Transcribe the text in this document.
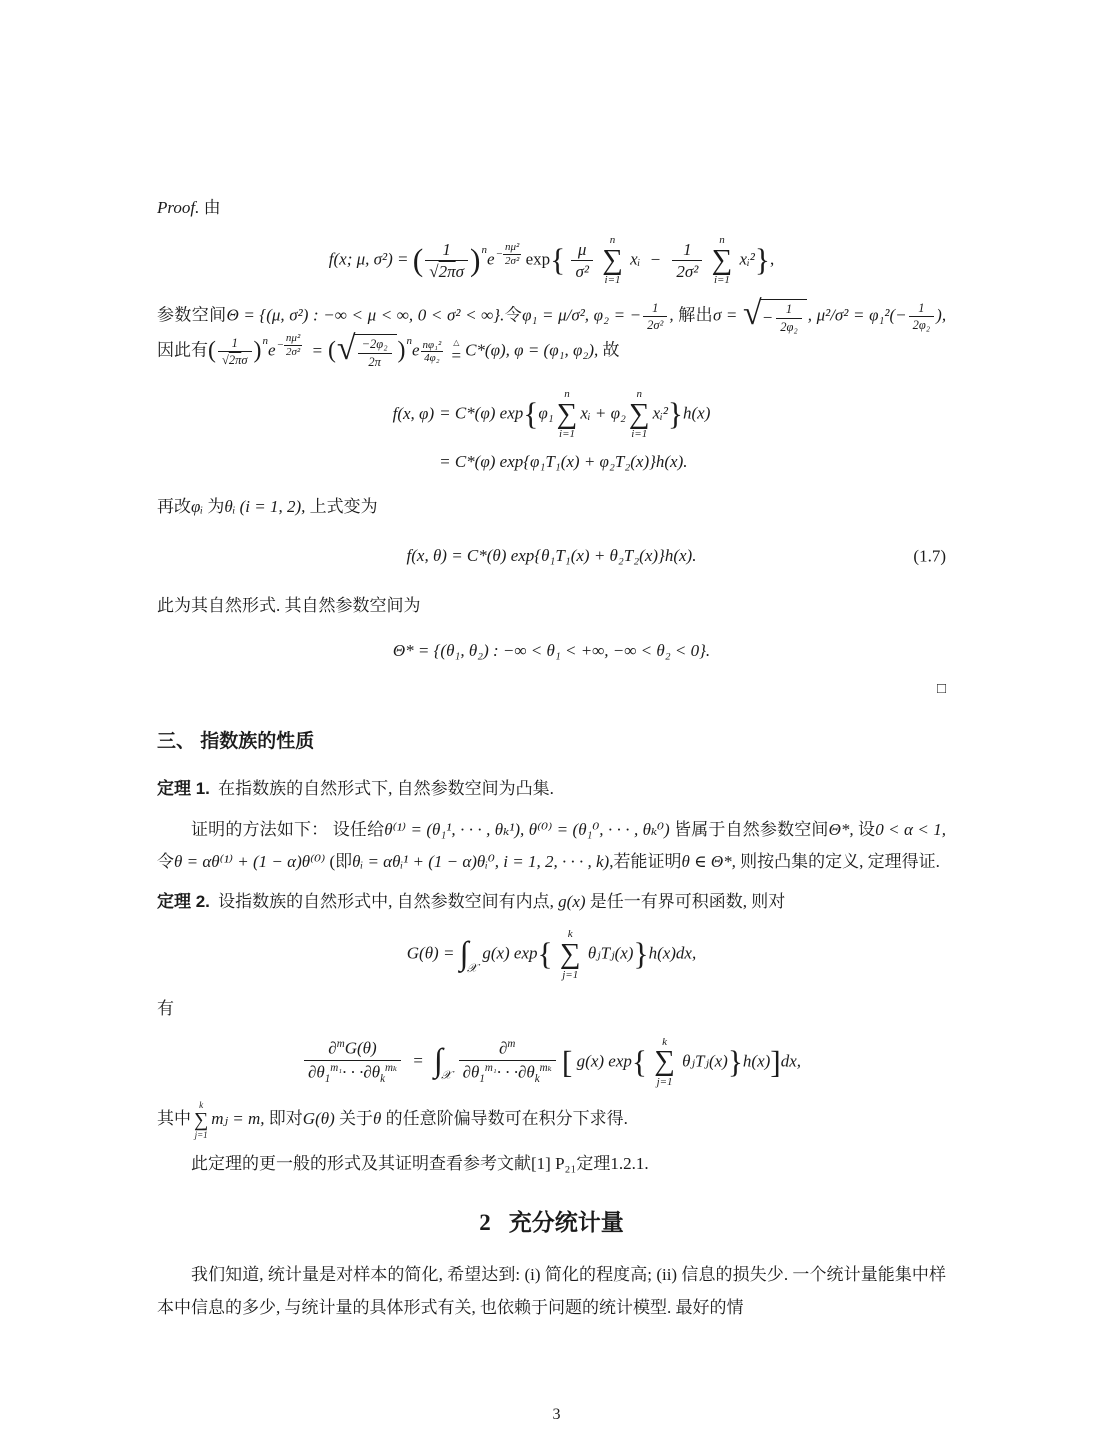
Proof. 由

f(x; μ, σ²) = ( $\frac{1}{√2\pi\sigma} )ne - \frac{\text{nμ²}}{\text{2σ²}} \exp\{ \frac{\mu}{\text{σ²}}$
n
∑
i=1
xᵢ − $\frac{1}{\text{2σ²}}$
n
∑
i=1
xᵢ²},

参数空间Θ = {(μ, σ²) : −∞ < μ < ∞, 0 < σ² < ∞}.令φ₁ = μ/σ², φ₂ = − $\frac{1}{\text{2σ²}}$ , 解出σ = √ − $\frac{1}{\text{2φ₂}}$ , $\mu^2/\sigma^2 = \varphi_1^2(- \frac{1}{\text{2φ₂}}$ ), 因此有( $\frac{1}{√2\pi\sigma} )ne - \frac{\text{nμ²}}{\text{2σ²}}$ = ( √ $\frac{\text{−2φ₂}}{2\pi} )ne \frac{\text{nφ₁²}}{\text{4φ₂}}$
△
= C*(φ), φ = (φ₁, φ₂), 故

f(x, φ)	= C*(φ) exp{φ₁
n
∑
i=1
xᵢ + φ₂
n
∑
i=1
xᵢ²}h(x)
	= C*(φ) exp{φ₁T₁(x) + φ₂T₂(x)}h(x).

再改φᵢ 为θᵢ (i = 1, 2), 上式变为

f(x, θ) = C*(θ) exp{θ₁T₁(x) + θ₂T₂(x)}h(x).	(1.7)

此为其自然形式. 其自然参数空间为

Θ* = {(θ₁, θ₂) : −∞ < θ₁ < +∞, −∞ < θ₂ < 0}.
□
三、 指数族的性质

定理 1. 在指数族的自然形式下, 自然参数空间为凸集.

证明的方法如下： 设任给θ⁽¹⁾ = (θ₁¹, · · · , θₖ¹), θ⁽⁰⁾ = (θ₁⁰, · · · , θₖ⁰) 皆属于自然参数空间Θ*, 设0 < α < 1, 令θ = αθ⁽¹⁾ + (1 − α)θ⁽⁰⁾ (即θᵢ = αθᵢ¹ + (1 − α)θᵢ⁰, i = 1, 2, · · · , k),若能证明θ ∈ Θ*, 则按凸集的定义, 定理得证.

定理 2. 设指数族的自然形式中, 自然参数空间有内点, g(x) 是任一有界可积函数, 则对

G(θ) = ∫
𝒳
g(x) exp{
k
∑
j=1
θⱼTⱼ(x)}h(x)dx,

有

$\frac{\partial^mG(\theta)}{\partial\theta_1^{m_1}\cdot \cdot \cdot\partial\theta_k^{m_k}}$ = ∫
𝒳
$\frac{\partial^m}{\partial\theta_1^{m_1}\cdot \cdot \cdot\partial\theta_k^{m_k}}$ [ g(x) exp{
k
∑
j=1
θⱼTⱼ(x)}h(x)]dx,

其中
k
∑
j=1
mⱼ = m, 即对G(θ) 关于θ 的任意阶偏导数可在积分下求得.

此定理的更一般的形式及其证明查看参考文献[1] P₂₁定理1.2.1.

2 充分统计量

我们知道, 统计量是对样本的简化, 希望达到: (i) 简化的程度高; (ii) 信息的损失少. 一个统计量能集中样本中信息的多少, 与统计量的具体形式有关, 也依赖于问题的统计模型. 最好的情

3
